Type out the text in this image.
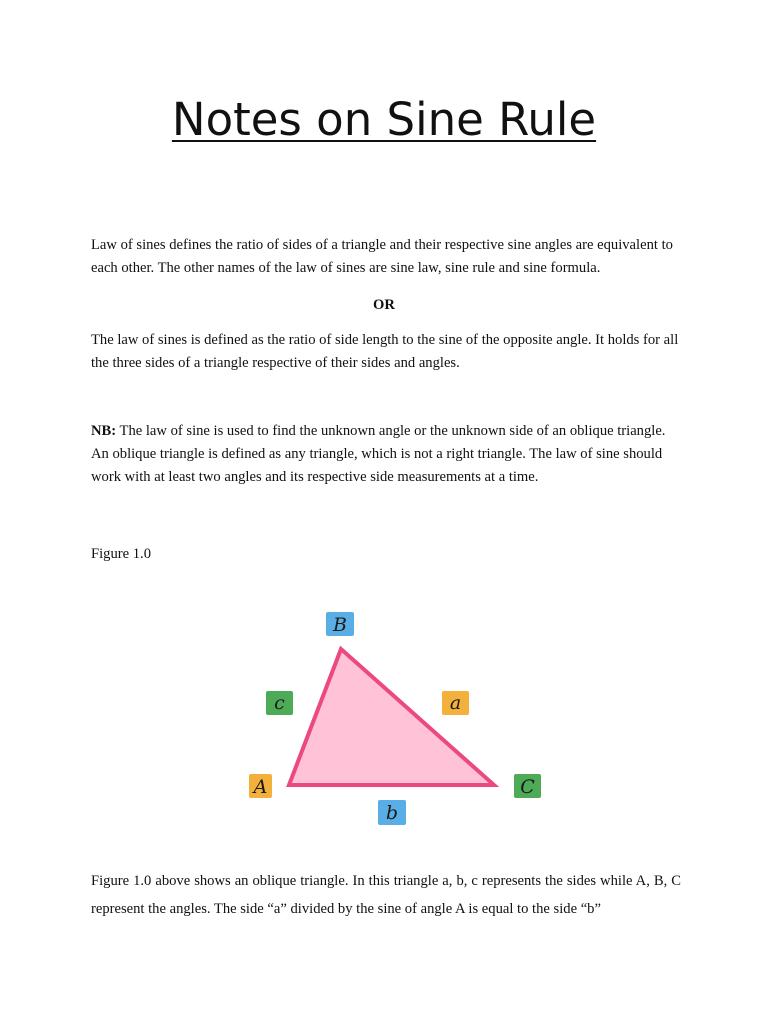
Notes on Sine Rule

Law of sines defines the ratio of sides of a triangle and their respective sine angles are equivalent to each other. The other names of the law of sines are sine law, sine rule and sine formula.

OR

The law of sines is defined as the ratio of side length to the sine of the opposite angle. It holds for all the three sides of a triangle respective of their sides and angles.

NB: The law of sine is used to find the unknown angle or the unknown side of an oblique triangle. An oblique triangle is defined as any triangle, which is not a right triangle. The law of sine should work with at least two angles and its respective side measurements at a time.

Figure 1.0

B
c	a
A	C
b

Figure 1.0 above shows an oblique triangle. In this triangle a, b, c represents the sides while A, B, C represent the angles. The side “a” divided by the sine of angle A is equal to the side “b”
